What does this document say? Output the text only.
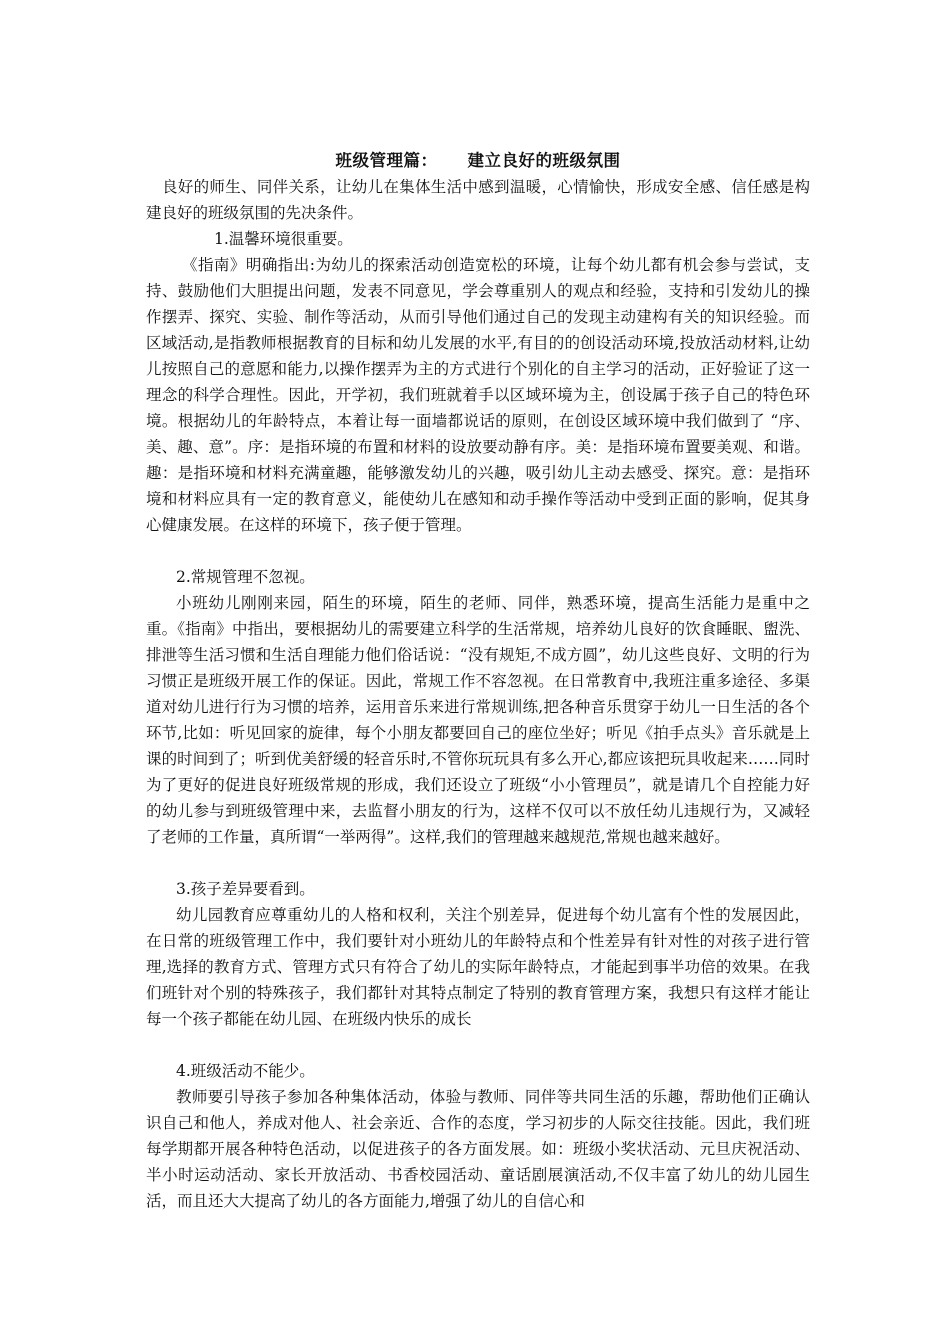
班级管理篇： 建立良好的班级氛围

良好的师生、同伴关系，让幼儿在集体生活中感到温暖，心情愉快，形成安全感、信任感是构建良好的班级氛围的先决条件。

1.温馨环境很重要。

《指南》明确指出:为幼儿的探索活动创造宽松的环境，让每个幼儿都有机会参与尝试，支持、鼓励他们大胆提出问题，发表不同意见，学会尊重别人的观点和经验，支持和引发幼儿的操作摆弄、探究、实验、制作等活动，从而引导他们通过自己的发现主动建构有关的知识经验。而区域活动,是指教师根据教育的目标和幼儿发展的水平,有目的的创设活动环境,投放活动材料,让幼儿按照自己的意愿和能力,以操作摆弄为主的方式进行个别化的自主学习的活动，正好验证了这一理念的科学合理性。因此，开学初，我们班就着手以区域环境为主，创设属于孩子自己的特色环境。根据幼儿的年龄特点，本着让每一面墙都说话的原则，在创设区域环境中我们做到了 “序、美、趣、意”。序：是指环境的布置和材料的设放要动静有序。美：是指环境布置要美观、和谐。趣：是指环境和材料充满童趣，能够激发幼儿的兴趣，吸引幼儿主动去感受、探究。意：是指环境和材料应具有一定的教育意义，能使幼儿在感知和动手操作等活动中受到正面的影响，促其身心健康发展。在这样的环境下，孩子便于管理。

2.常规管理不忽视。

小班幼儿刚刚来园，陌生的环境，陌生的老师、同伴，熟悉环境，提高生活能力是重中之重。《指南》中指出，要根据幼儿的需要建立科学的生活常规，培养幼儿良好的饮食睡眠、盥洗、排泄等生活习惯和生活自理能力他们俗话说：“没有规矩,不成方圆”，幼儿这些良好、文明的行为习惯正是班级开展工作的保证。因此，常规工作不容忽视。在日常教育中,我班注重多途径、多渠道对幼儿进行行为习惯的培养，运用音乐来进行常规训练,把各种音乐贯穿于幼儿一日生活的各个环节,比如：听见回家的旋律，每个小朋友都要回自己的座位坐好；听见《拍手点头》音乐就是上课的时间到了；听到优美舒缓的轻音乐时,不管你玩玩具有多么开心,都应该把玩具收起来……同时为了更好的促进良好班级常规的形成，我们还设立了班级“小小管理员”，就是请几个自控能力好的幼儿参与到班级管理中来，去监督小朋友的行为，这样不仅可以不放任幼儿违规行为，又减轻了老师的工作量，真所谓“一举两得”。这样,我们的管理越来越规范,常规也越来越好。

3.孩子差异要看到。

幼儿园教育应尊重幼儿的人格和权利，关注个别差异，促进每个幼儿富有个性的发展因此，在日常的班级管理工作中，我们要针对小班幼儿的年龄特点和个性差异有针对性的对孩子进行管理,选择的教育方式、管理方式只有符合了幼儿的实际年龄特点，才能起到事半功倍的效果。在我们班针对个别的特殊孩子，我们都针对其特点制定了特别的教育管理方案，我想只有这样才能让每一个孩子都能在幼儿园、在班级内快乐的成长

4.班级活动不能少。

教师要引导孩子参加各种集体活动，体验与教师、同伴等共同生活的乐趣，帮助他们正确认识自己和他人，养成对他人、社会亲近、合作的态度，学习初步的人际交往技能。因此，我们班每学期都开展各种特色活动，以促进孩子的各方面发展。如：班级小奖状活动、元旦庆祝活动、半小时运动活动、家长开放活动、书香校园活动、童话剧展演活动,不仅丰富了幼儿的幼儿园生活，而且还大大提高了幼儿的各方面能力,增强了幼儿的自信心和
